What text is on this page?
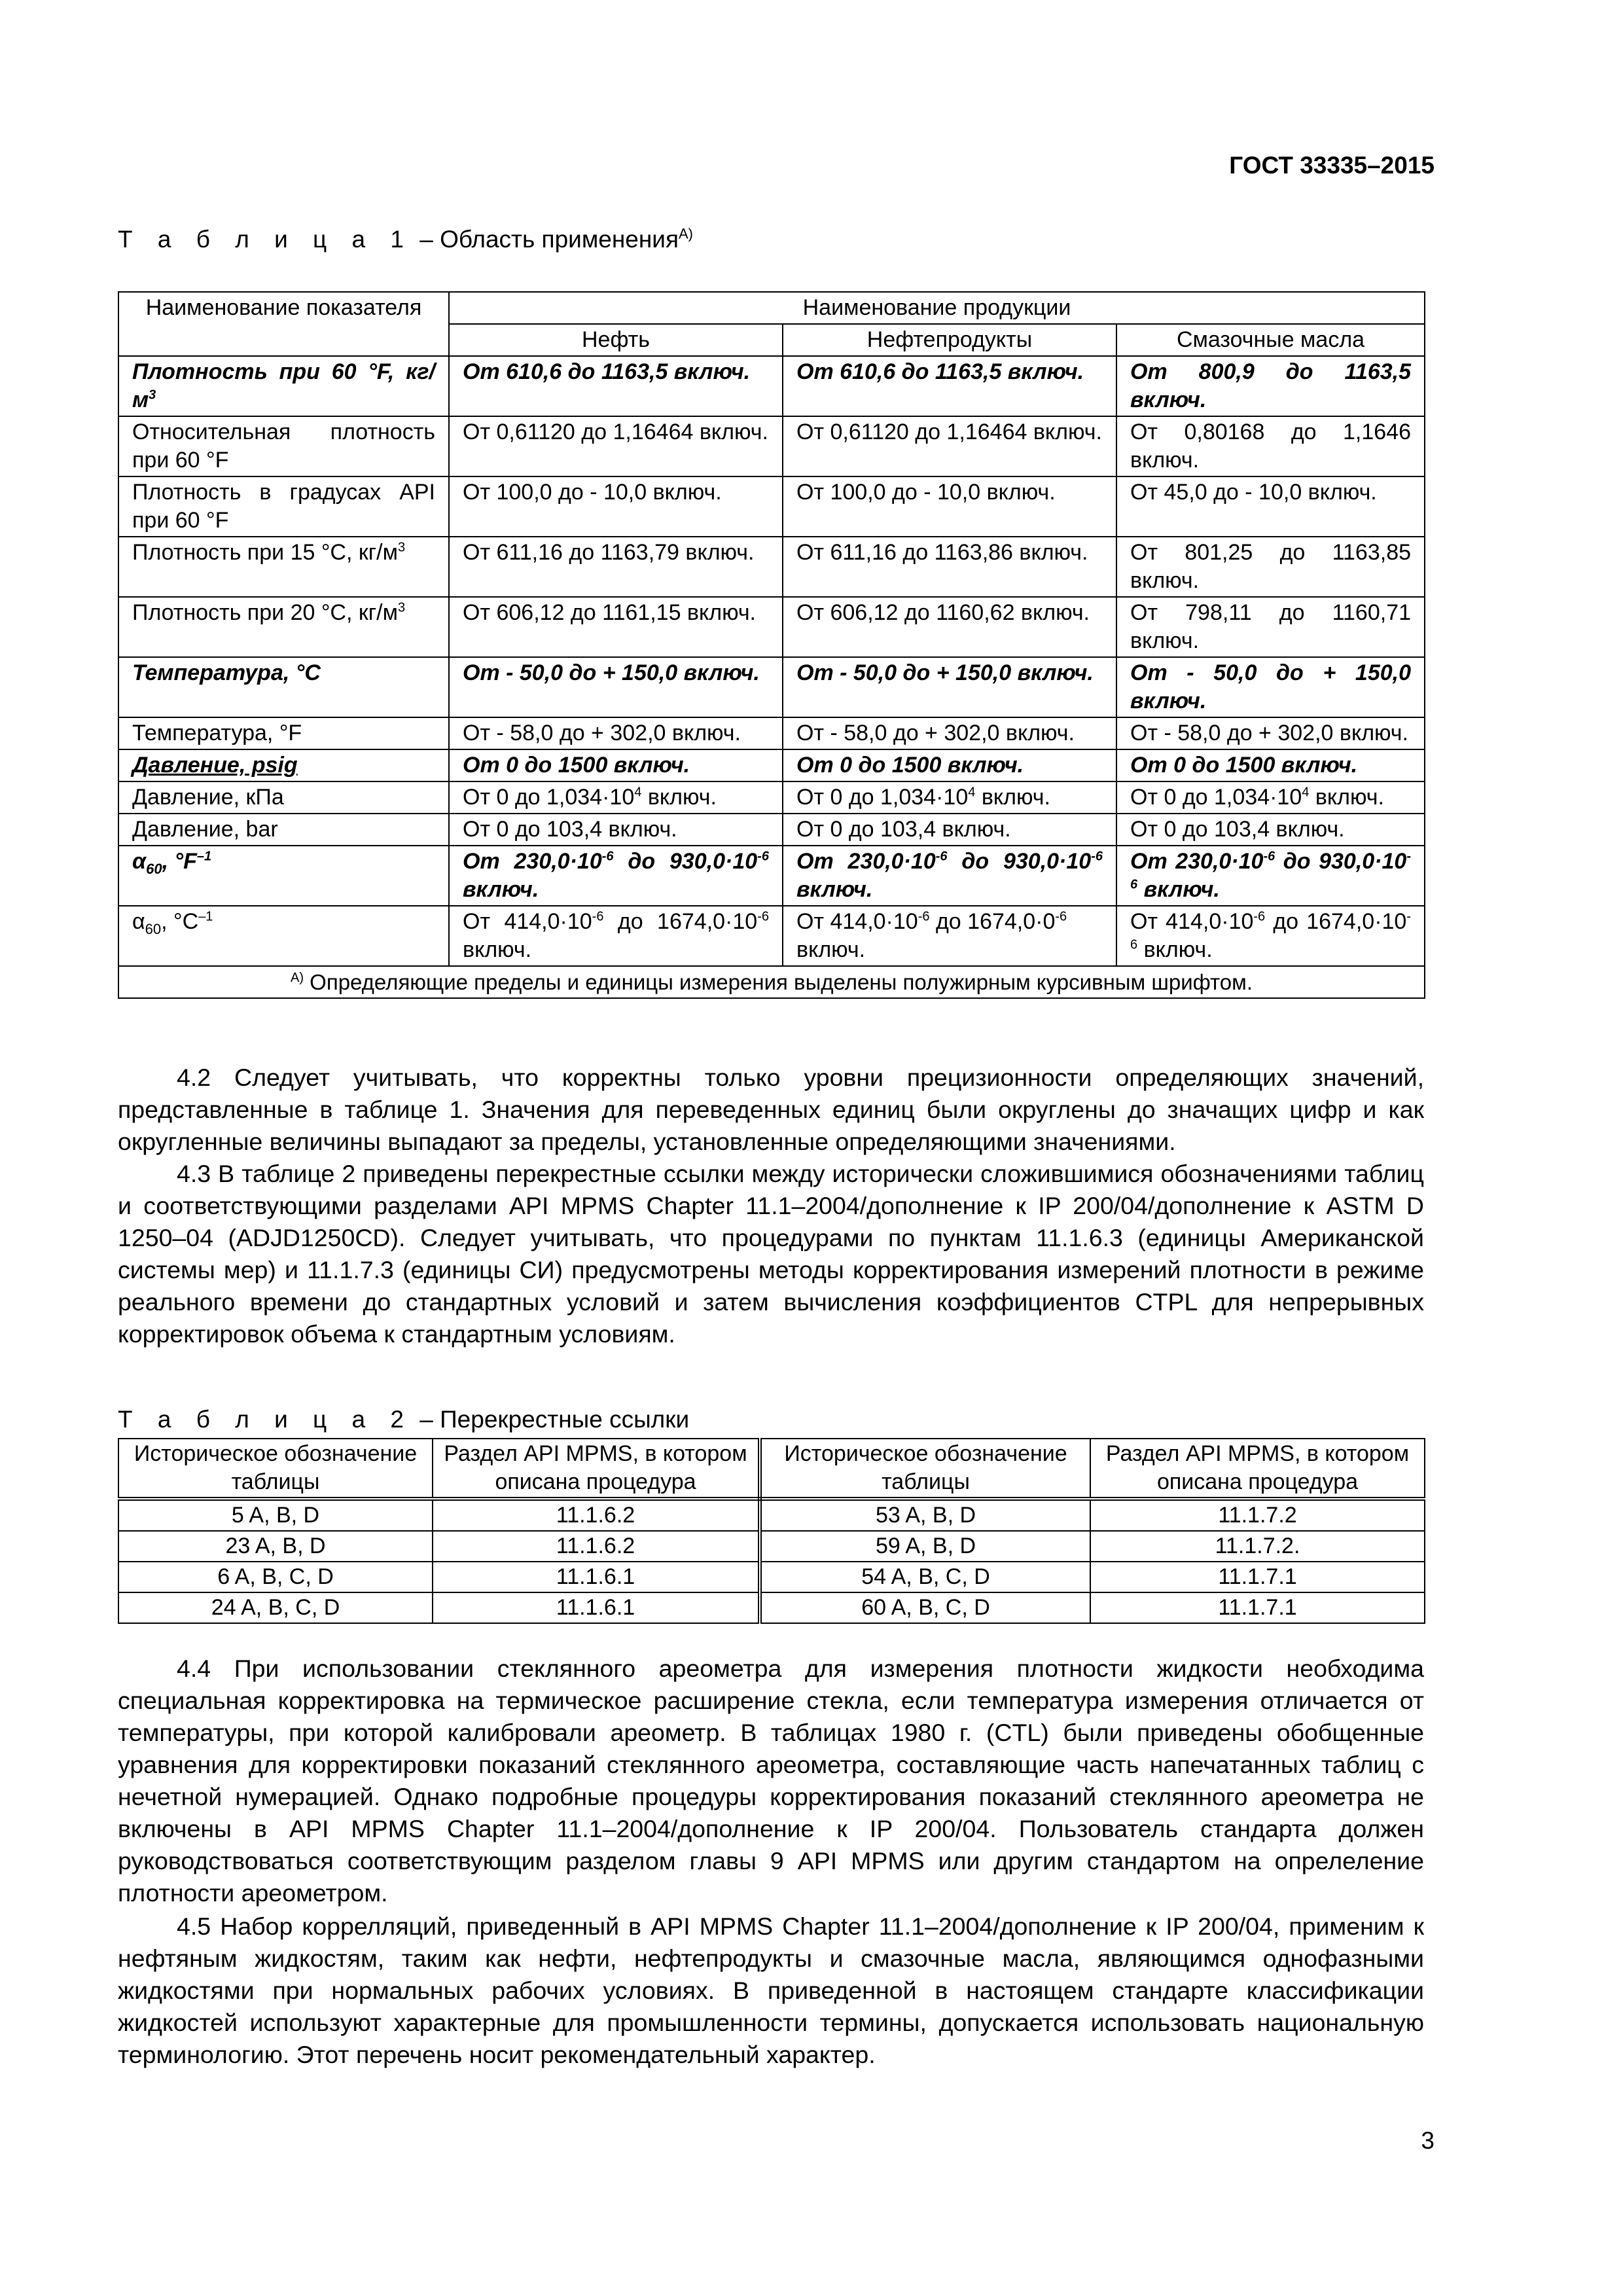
ГОСТ 33335–2015
Т а б л и ц а 1 – Область применения$^{А)}$
Наименование показателя	Наименование продукции		
	Нефть	Нефтепродукты	Смазочные масла
Плотность при 60 °F, $кг/м^3$	От 610,6 до 1163,5 включ.	От 610,6 до 1163,5 включ.	От 800,9 до 1163,5 включ.
Относительная плотность при 60 °F	От 0,61120 до 1,16464 включ.	От 0,61120 до 1,16464 включ.	От 0,80168 до 1,1646 включ.
Плотность в градусах API при 60 °F	От 100,0 до - 10,0 включ.	От 100,0 до - 10,0 включ.	От 45,0 до - 10,0 включ.
Плотность при 15 °C, $кг/м^3$	От 611,16 до 1163,79 включ.	От 611,16 до 1163,86 включ.	От 801,25 до 1163,85 включ.
Плотность при 20 °C, $кг/м^3$	От 606,12 до 1161,15 включ.	От 606,12 до 1160,62 включ.	От 798,11 до 1160,71 включ.
Температура, °C	От - 50,0 до + 150,0 включ.	От - 50,0 до + 150,0 включ.	От - 50,0 до + 150,0 включ.
Температура, °F	От - 58,0 до + 302,0 включ.	От - 58,0 до + 302,0 включ.	От - 58,0 до + 302,0 включ.
Давление, psig	От 0 до 1500 включ.	От 0 до 1500 включ.	От 0 до 1500 включ.
Давление, кПа	От 0 до $1,034\cdot 10^4$ включ.	От 0 до $1,034\cdot 10^4$ включ.	От 0 до $1,034\cdot 10^4$ включ.
Давление, bar	От 0 до 103,4 включ.	От 0 до 103,4 включ.	От 0 до 103,4 включ.
$\alpha_{60}$, $^\circ F^{-1}$	От $230,0\cdot 10^{-6}$ до $930,0\cdot 10^{-6}$ включ.	От $230,0\cdot 10^{-6}$ до $930,0\cdot 10^{-6}$ включ.	От $230,0\cdot 10^{-6}$ до $930,0\cdot 10^{-6}$ включ.
$\alpha_{60}$, $^\circ C^{-1}$	От $414,0\cdot 10^{-6}$ до $1674,0\cdot 10^{-6}$ включ.	От $414,0\cdot 10^{-6}$ до $1674,0\cdot 0^{-6}$ включ.	От $414,0\cdot 10^{-6}$ до $1674,0\cdot 10^{-6}$ включ.
$^{А)}$ Определяющие пределы и единицы измерения выделены полужирным курсивным шрифтом.			
4.2 Следует учитывать, что корректны только уровни прецизионности определяющих значений, представленные в таблице 1. Значения для переведенных единиц были округлены до значащих цифр и как округленные величины выпадают за пределы, установленные определяющими значениями.
4.3 В таблице 2 приведены перекрестные ссылки между исторически сложившимися обозначениями таблиц и соответствующими разделами API MPMS Chapter 11.1–2004/дополнение к IP 200/04/дополнение к ASTM D 1250–04 (ADJD1250CD). Следует учитывать, что процедурами по пунктам 11.1.6.3 (единицы Американской системы мер) и 11.1.7.3 (единицы СИ) предусмотрены методы корректирования измерений плотности в режиме реального времени до стандартных условий и затем вычисления коэффициентов CTPL для непрерывных корректировок объема к стандартным условиям.
Т а б л и ц а 2 – Перекрестные ссылки
Историческое обозначение таблицы	Раздел API MPMS, в котором описана процедура	Историческое обозначение таблицы	Раздел API MPMS, в котором описана процедура
5 A, B, D	11.1.6.2	53 A, B, D	11.1.7.2
23 A, B, D	11.1.6.2	59 A, B, D	11.1.7.2.
6 A, B, C, D	11.1.6.1	54 A, B, C, D	11.1.7.1
24 A, B, C, D	11.1.6.1	60 A, B, C, D	11.1.7.1
4.4 При использовании стеклянного ареометра для измерения плотности жидкости необходима специальная корректировка на термическое расширение стекла, если температура измерения отличается от температуры, при которой калибровали ареометр. В таблицах 1980 г. (CTL) были приведены обобщенные уравнения для корректировки показаний стеклянного ареометра, составляющие часть напечатанных таблиц с нечетной нумерацией. Однако подробные процедуры корректирования показаний стеклянного ареометра не включены в API MPMS Chapter 11.1–2004/дополнение к IP 200/04. Пользователь стандарта должен руководствоваться соответствующим разделом главы 9 API MPMS или другим стандартом на опрелеление плотности ареометром.
4.5 Набор коррелляций, приведенный в API MPMS Chapter 11.1–2004/дополнение к IP 200/04, применим к нефтяным жидкостям, таким как нефти, нефтепродукты и смазочные масла, являющимся однофазными жидкостями при нормальных рабочих условиях. В приведенной в настоящем стандарте классификации жидкостей используют характерные для промышленности термины, допускается использовать национальную терминологию. Этот перечень носит рекомендательный характер.
3
